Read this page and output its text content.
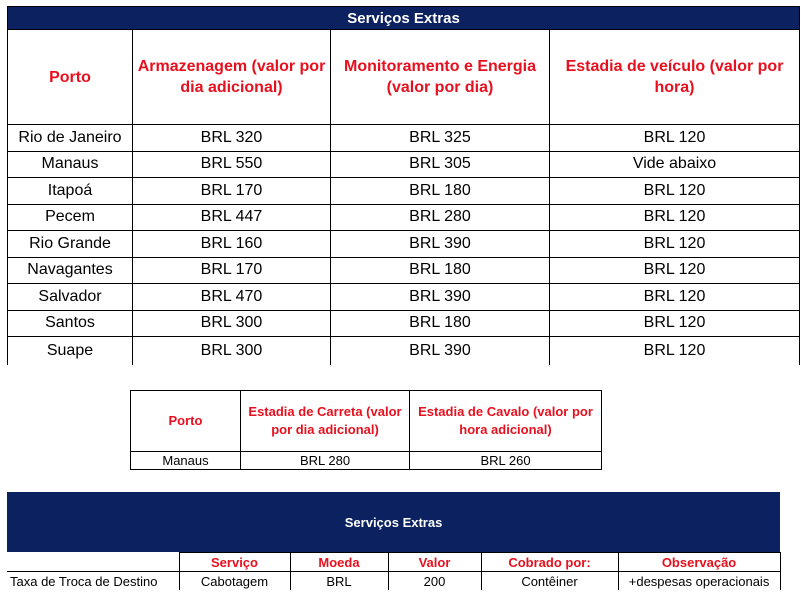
Serviços Extras			
Porto	Armazenagem (valor por dia adicional)	Monitoramento e Energia (valor por dia)	Estadia de veículo (valor por hora)
Rio de Janeiro	BRL 320	BRL 325	BRL 120
Manaus	BRL 550	BRL 305	Vide abaixo
Itapoá	BRL 170	BRL 180	BRL 120
Pecem	BRL 447	BRL 280	BRL 120
Rio Grande	BRL 160	BRL 390	BRL 120
Navagantes	BRL 170	BRL 180	BRL 120
Salvador	BRL 470	BRL 390	BRL 120
Santos	BRL 300	BRL 180	BRL 120
Suape	BRL 300	BRL 390	BRL 120
Porto	Estadia de Carreta (valor por dia adicional)	Estadia de Cavalo (valor por hora adicional)
Manaus	BRL 280	BRL 260
Serviços Extras					
	Serviço	Moeda	Valor	Cobrado por:	Observação
Taxa de Troca de Destino	Cabotagem	BRL	200	Contêiner	+despesas operacionais
